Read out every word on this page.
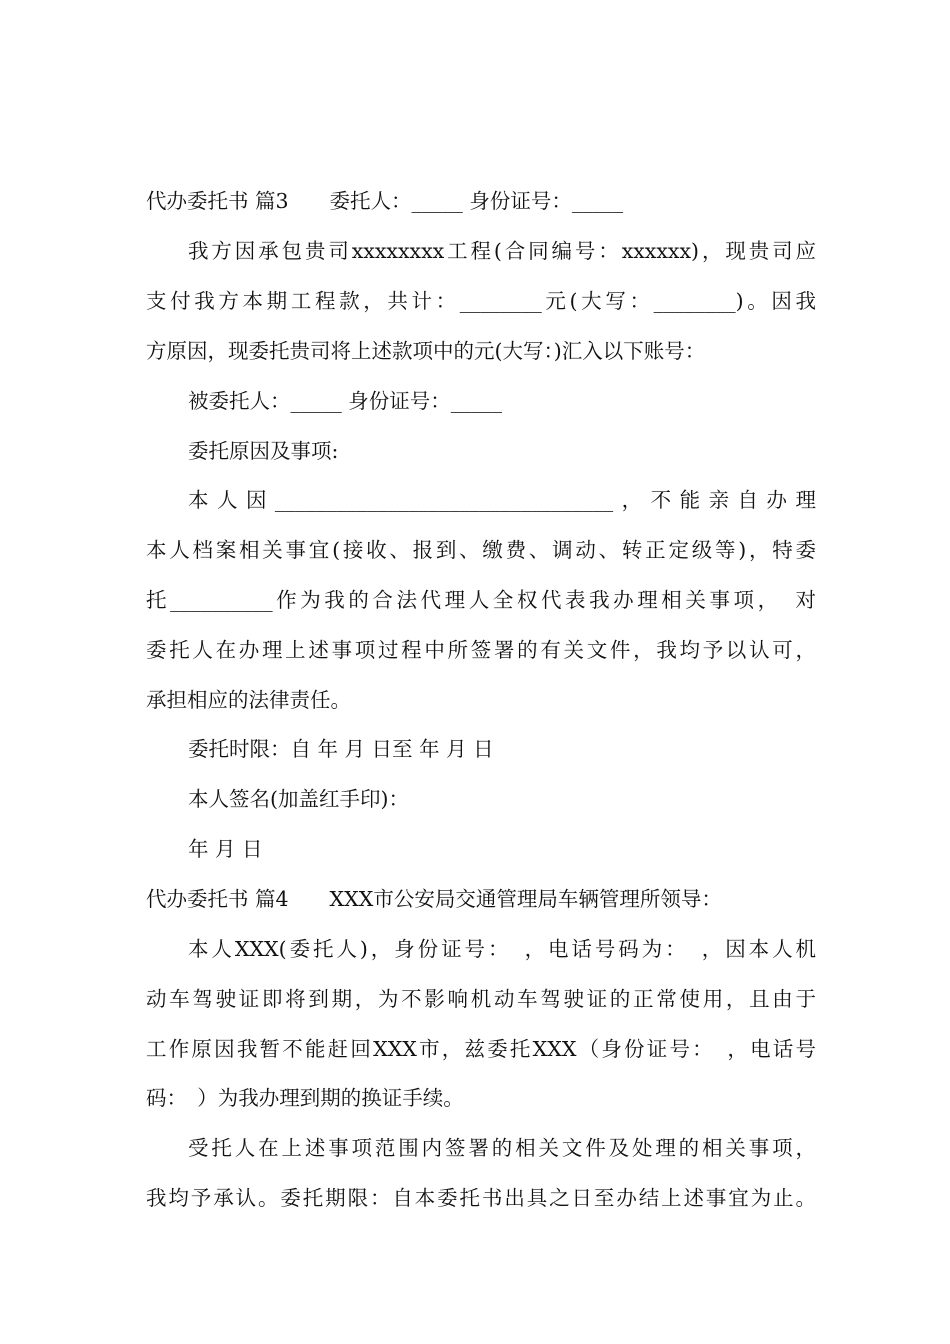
代办委托书 篇3　　委托人：_____ 身份证号：_____
我方因承包贵司xxxxxxxx工程(合同编号：xxxxxx)，现贵司应
支付我方本期工程款，共计：________元(大写：________)。因我
方原因，现委托贵司将上述款项中的元(大写：)汇入以下账号：
被委托人：_____ 身份证号：_____
委托原因及事项:
本人因_________________________________，不能亲自办理
本人档案相关事宜(接收、报到、缴费、调动、转正定级等)，特委
托__________作为我的合法代理人全权代表我办理相关事项，　对
委托人在办理上述事项过程中所签署的有关文件，我均予以认可，
承担相应的法律责任。
委托时限：自 年 月 日至 年 月 日
本人签名(加盖红手印)：
年 月 日
代办委托书 篇4　　XXX市公安局交通管理局车辆管理所领导：
本人XXX(委托人)，身份证号：　，电话号码为：　，因本人机
动车驾驶证即将到期，为不影响机动车驾驶证的正常使用，且由于
工作原因我暂不能赶回XXX市，兹委托XXX（身份证号：　，电话号
码：　）为我办理到期的换证手续。
受托人在上述事项范围内签署的相关文件及处理的相关事项，
我均予承认。委托期限：自本委托书出具之日至办结上述事宜为止。
